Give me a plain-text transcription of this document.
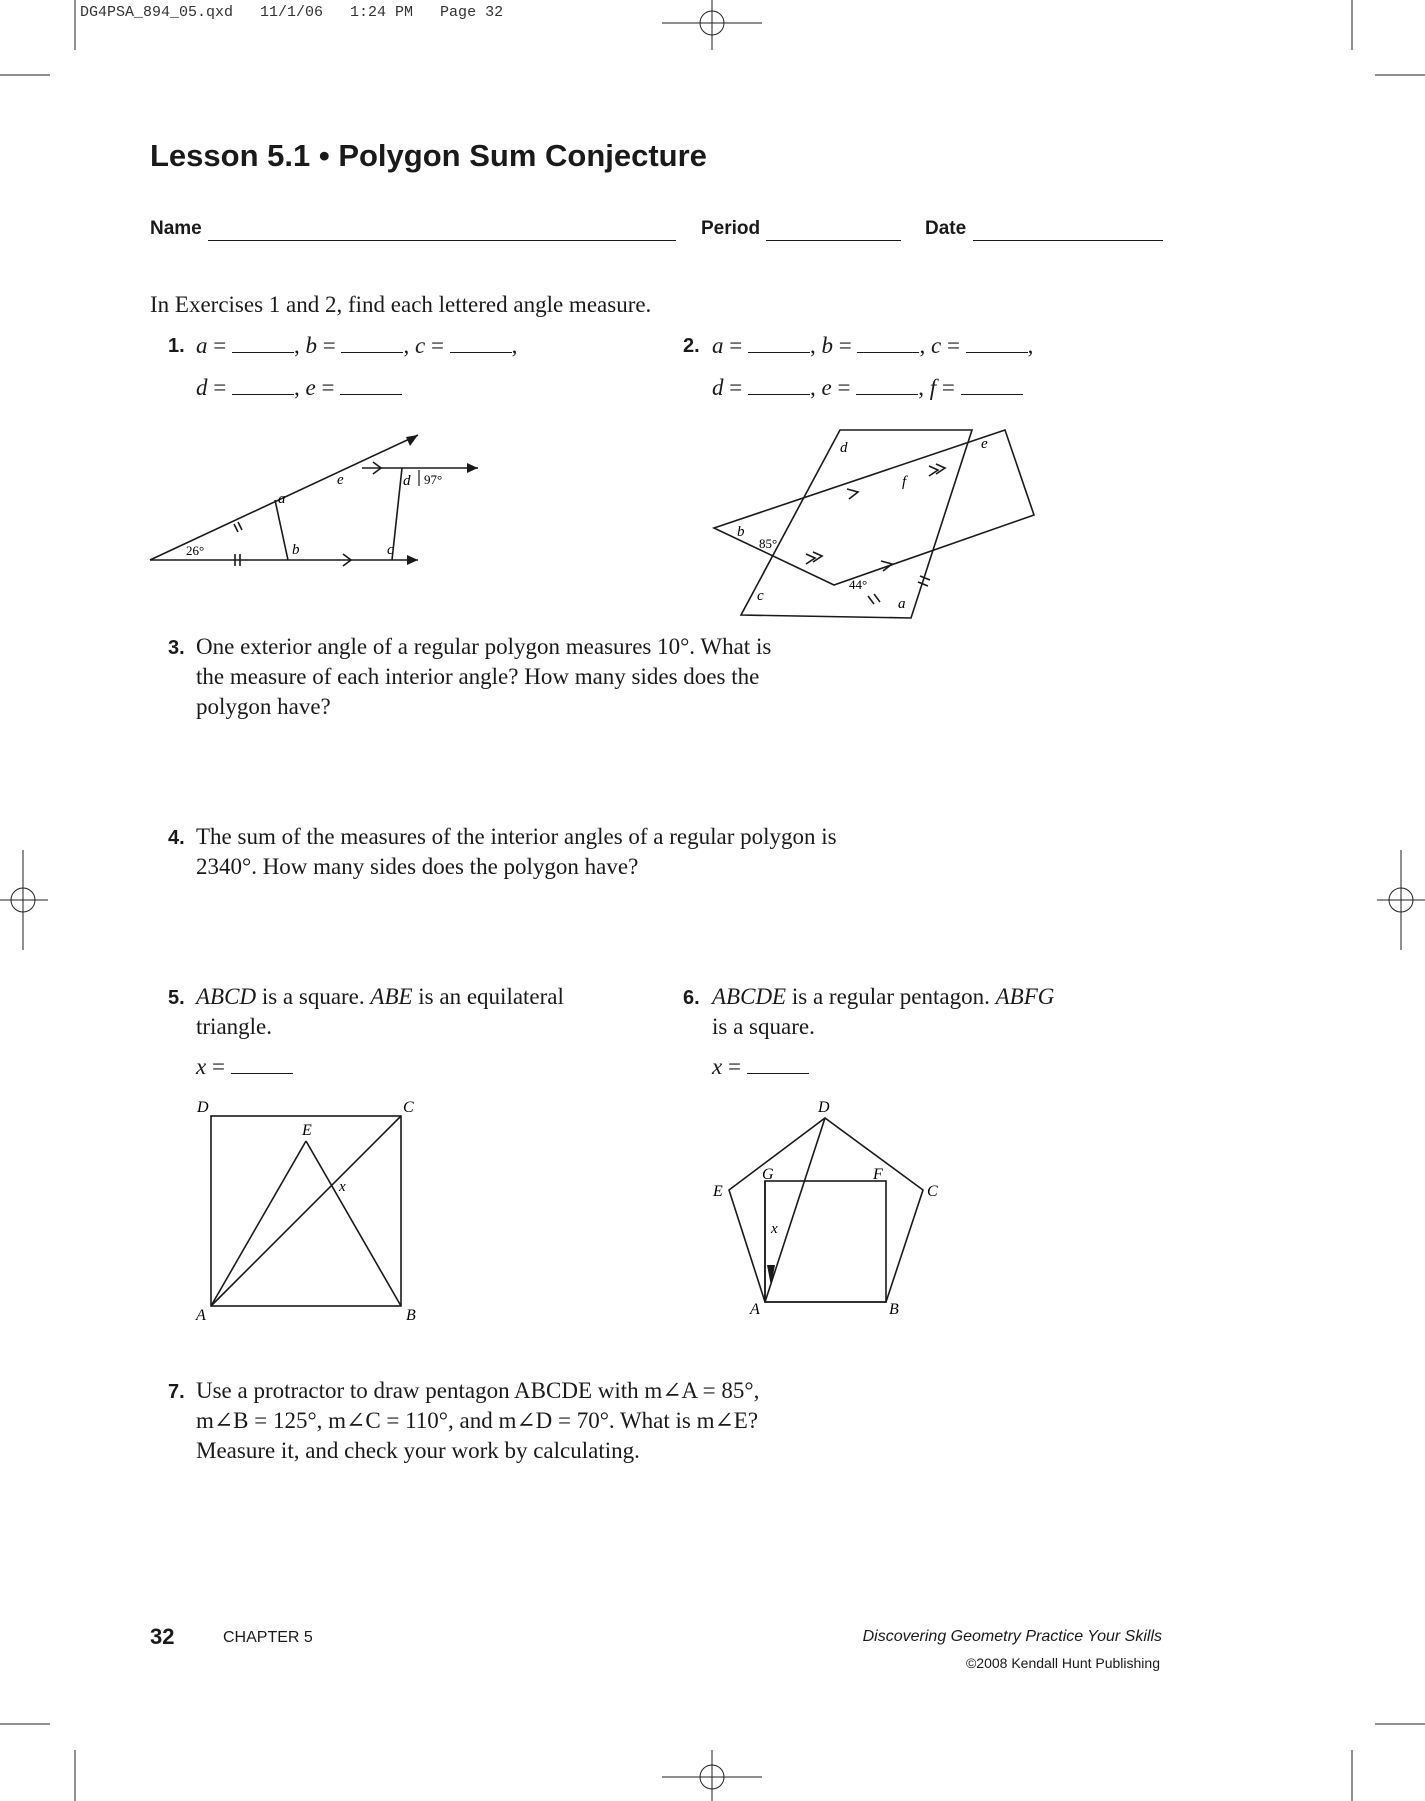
DG4PSA_894_05.qxd   11/1/06   1:24 PM   Page 32
Lesson 5.1 • Polygon Sum Conjecture
Name	Period	Date
In Exercises 1 and 2, find each lettered angle measure.
1. a =	, b =	, c =	,
d =	, e =
2. a =	, b =	, c =	,
d =	, e =	, f =
26°
a
b	c
d
e	97°
d	e
f
b
85°
c
44°
a
3. One exterior angle of a regular polygon measures 10°. What is
the measure of each interior angle? How many sides does the
polygon have?
4. The sum of the measures of the interior angles of a regular polygon is
2340°. How many sides does the polygon have?
5. ABCD is a square. ABE is an equilateral
triangle.
x =
D	C
E
x
A	B
6. ABCDE is a regular pentagon. ABFG
is a square.
x =
D
E	C
G	F
x
A	B
7. Use a protractor to draw pentagon ABCDE with m∠A = 85°,
m∠B = 125°, m∠C = 110°, and m∠D = 70°. What is m∠E?
Measure it, and check your work by calculating.
32	CHAPTER 5	Discovering Geometry Practice Your Skills
©2008 Kendall Hunt Publishing
